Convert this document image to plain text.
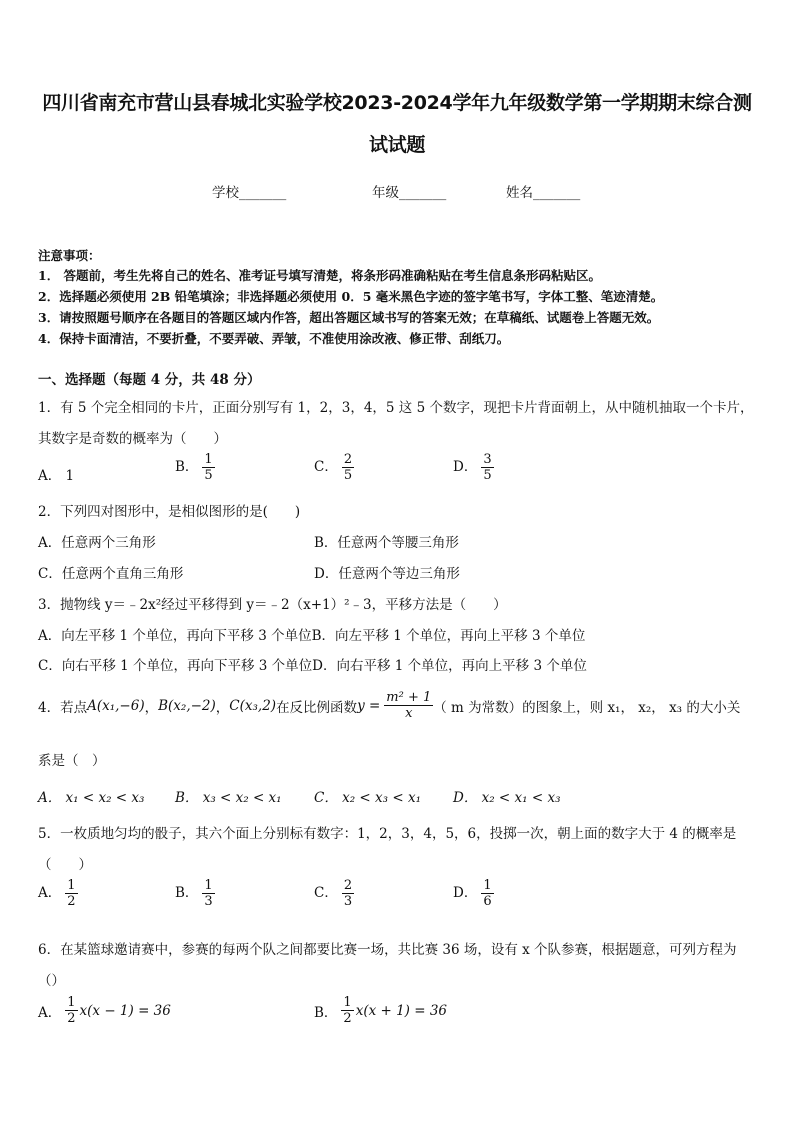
四川省南充市营山县春城北实验学校2023-2024学年九年级数学第一学期期末综合测
试试题
学校_______	年级_______	姓名_______
注意事项：
1． 答题前，考生先将自己的姓名、准考证号填写清楚，将条形码准确粘贴在考生信息条形码粘贴区。
2．选择题必须使用 2B 铅笔填涂；非选择题必须使用 0．5 毫米黑色字迹的签字笔书写，字体工整、笔迹清楚。
3．请按照题号顺序在各题目的答题区域内作答，超出答题区域书写的答案无效；在草稿纸、试题卷上答题无效。
4．保持卡面清洁，不要折叠，不要弄破、弄皱，不准使用涂改液、修正带、刮纸刀。
一、选择题（每题 4 分，共 48 分）
1．有 5 个完全相同的卡片，正面分别写有 1，2，3，4，5 这 5 个数字，现把卡片背面朝上，从中随机抽取一个卡片，
其数字是奇数的概率为（　　）
A． 1
B． $\frac{1}{5}$	C． $\frac{2}{5}$	D． $\frac{3}{5}$
2．下列四对图形中，是相似图形的是(　　)
A．任意两个三角形	B．任意两个等腰三角形
C．任意两个直角三角形	D．任意两个等边三角形
3．抛物线 y＝﹣2x²经过平移得到 y＝﹣2（x+1）²﹣3，平移方法是（　　）
A．向左平移 1 个单位，再向下平移 3 个单位B．向左平移 1 个单位，再向上平移 3 个单位
C．向右平移 1 个单位，再向下平移 3 个单位D．向右平移 1 个单位，再向上平移 3 个单位
4．若点 A(x₁,−6) ， B(x₂,−2) ， C(x₃,2) 在反比例函数 $y = \frac{\text{m² + 1}}{x}$ （ m 为常数）的图象上，则 x₁， x₂， x₃ 的大小关
系是（　）
A． x₁ < x₂ < x₃ B． x₃ < x₂ < x₁ C． x₂ < x₃ < x₁ D． x₂ < x₁ < x₃
5．一枚质地匀均的骰子，其六个面上分别标有数字：1，2，3，4，5，6，投掷一次，朝上面的数字大于 4 的概率是
（　　）
A． $\frac{1}{2}$	B． $\frac{1}{3}$	C． $\frac{2}{3}$	D． $\frac{1}{6}$
6．在某篮球邀请赛中，参赛的每两个队之间都要比赛一场，共比赛 36 场，设有 x 个队参赛，根据题意，可列方程为
（）
A． $\frac{1}{2} x(x - 1) = 36$	B． $\frac{1}{2} x(x + 1) = 36$
